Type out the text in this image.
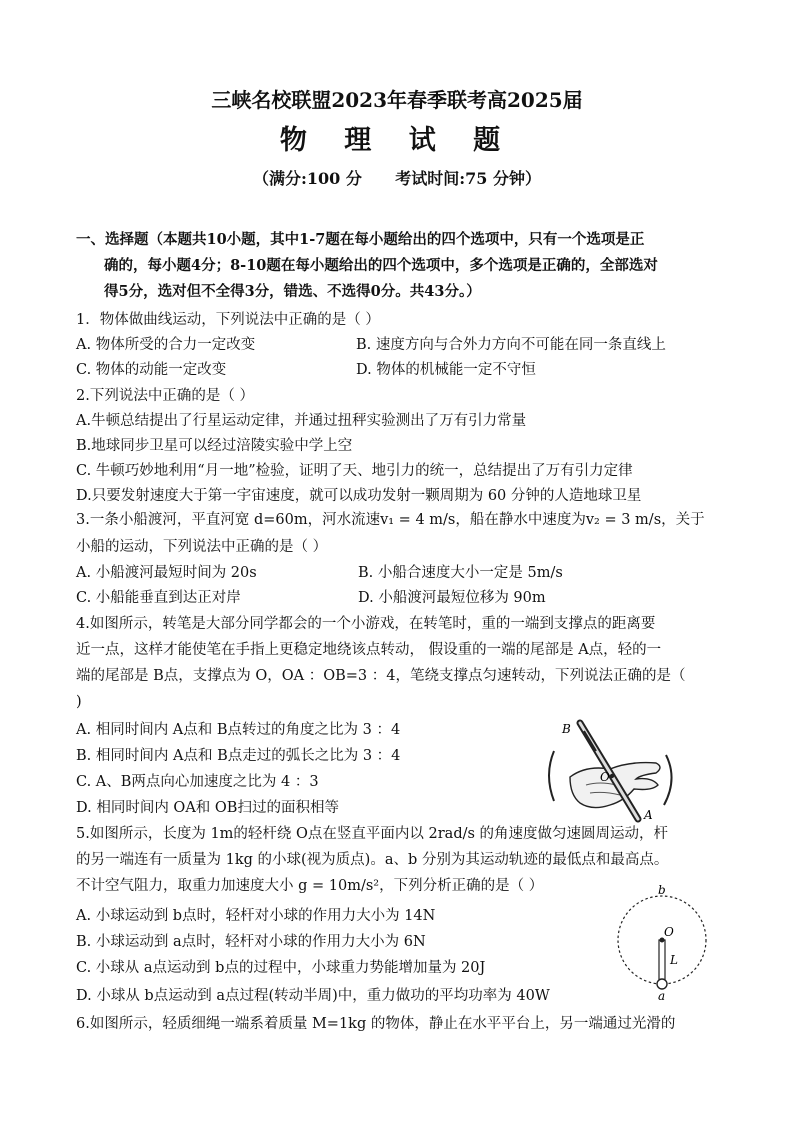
三峡名校联盟2023年春季联考高2025届
物 理 试 题
（满分:100 分      考试时间:75 分钟）
一、选择题（本题共10小题，其中1-7题在每小题给出的四个选项中，只有一个选项是正
确的，每小题4分；8-10题在每小题给出的四个选项中，多个选项是正确的，全部选对
得5分，选对但不全得3分，错选、不选得0分。共43分。）
1．物体做曲线运动，下列说法中正确的是（ ）
A. 物体所受的合力一定改变	B. 速度方向与合外力方向不可能在同一条直线上
C. 物体的动能一定改变	D. 物体的机械能一定不守恒
2.下列说法中正确的是（ ）
A.牛顿总结提出了行星运动定律，并通过扭秤实验测出了万有引力常量
B.地球同步卫星可以经过涪陵实验中学上空
C. 牛顿巧妙地利用“月一地”检验，证明了天、地引力的统一，总结提出了万有引力定律
D.只要发射速度大于第一宇宙速度，就可以成功发射一颗周期为 60 分钟的人造地球卫星
3.一条小船渡河，平直河宽 d=60m，河水流速v₁ = 4 m/s，船在静水中速度为v₂ = 3 m/s，关于
小船的运动，下列说法中正确的是（ ）
A. 小船渡河最短时间为 20s	B. 小船合速度大小一定是 5m/s
C. 小船能垂直到达正对岸	D. 小船渡河最短位移为 90m
4.如图所示，转笔是大部分同学都会的一个小游戏，在转笔时，重的一端到支撑点的距离要
近一点，这样才能使笔在手指上更稳定地绕该点转动， 假设重的一端的尾部是 A点，轻的一
端的尾部是 B点，支撑点为 O，OA ：OB=3 ：4，笔绕支撑点匀速转动，下列说法正确的是（
)
A. 相同时间内 A点和 B点转过的角度之比为 3 ：4
B. 相同时间内 A点和 B点走过的弧长之比为 3 ：4
C. A、B两点向心加速度之比为 4 ：3
D. 相同时间内 OA和 OB扫过的面积相等
B
O
A
5.如图所示，长度为 1m的轻杆绕 O点在竖直平面内以 2rad/s 的角速度做匀速圆周运动，杆
的另一端连有一质量为 1kg 的小球(视为质点)。a、b 分别为其运动轨迹的最低点和最高点。
不计空气阻力，取重力加速度大小 g = 10m/s²，下列分析正确的是（ ）
A. 小球运动到 b点时，轻杆对小球的作用力大小为 14N
B. 小球运动到 a点时，轻杆对小球的作用力大小为 6N
C. 小球从 a点运动到 b点的过程中，小球重力势能增加量为 20J
D. 小球从 b点运动到 a点过程(转动半周)中，重力做功的平均功率为 40W
b
O
L
a
6.如图所示，轻质细绳一端系着质量 M=1kg 的物体，静止在水平平台上，另一端通过光滑的
